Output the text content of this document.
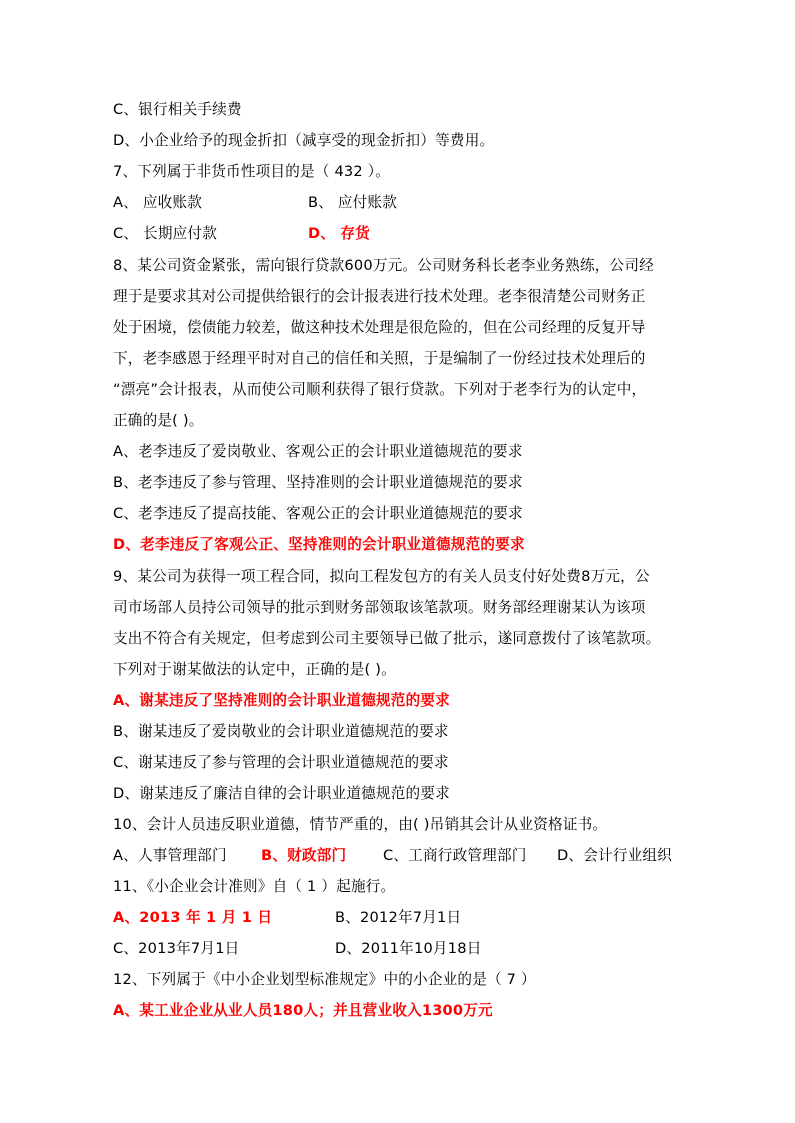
C、银行相关手续费
D、小企业给予的现金折扣（减享受的现金折扣）等费用。
7、下列属于非货币性项目的是（ 432 ）。
A、 应收账款	B、 应付账款
C、 长期应付款	D、 存货
8、某公司资金紧张，需向银行贷款600万元。公司财务科长老李业务熟练，公司经
理于是要求其对公司提供给银行的会计报表进行技术处理。老李很清楚公司财务正
处于困境，偿债能力较差，做这种技术处理是很危险的，但在公司经理的反复开导
下，老李感恩于经理平时对自己的信任和关照，于是编制了一份经过技术处理后的
“漂亮”会计报表，从而使公司顺利获得了银行贷款。下列对于老李行为的认定中，
正确的是( )。
A、老李违反了爱岗敬业、客观公正的会计职业道德规范的要求
B、老李违反了参与管理、坚持准则的会计职业道德规范的要求
C、老李违反了提高技能、客观公正的会计职业道德规范的要求
D、老李违反了客观公正、坚持准则的会计职业道德规范的要求
9、某公司为获得一项工程合同，拟向工程发包方的有关人员支付好处费8万元，公
司市场部人员持公司领导的批示到财务部领取该笔款项。财务部经理谢某认为该项
支出不符合有关规定，但考虑到公司主要领导已做了批示，遂同意拨付了该笔款项。
下列对于谢某做法的认定中，正确的是( )。
A、谢某违反了坚持准则的会计职业道德规范的要求
B、谢某违反了爱岗敬业的会计职业道德规范的要求
C、谢某违反了参与管理的会计职业道德规范的要求
D、谢某违反了廉洁自律的会计职业道德规范的要求
10、会计人员违反职业道德，情节严重的，由( )吊销其会计从业资格证书。
A、人事管理部门 B、财政部门	C、工商行政管理部门 D、会计行业组织
11、《小企业会计准则》自（ 1 ）起施行。
A、2013 年 1 月 1 日	B、2012年7月1日
C、2013年7月1日	D、2011年10月18日
12、下列属于《中小企业划型标准规定》中的小企业的是（ 7 ）
A、某工业企业从业人员180人；并且营业收入1300万元
